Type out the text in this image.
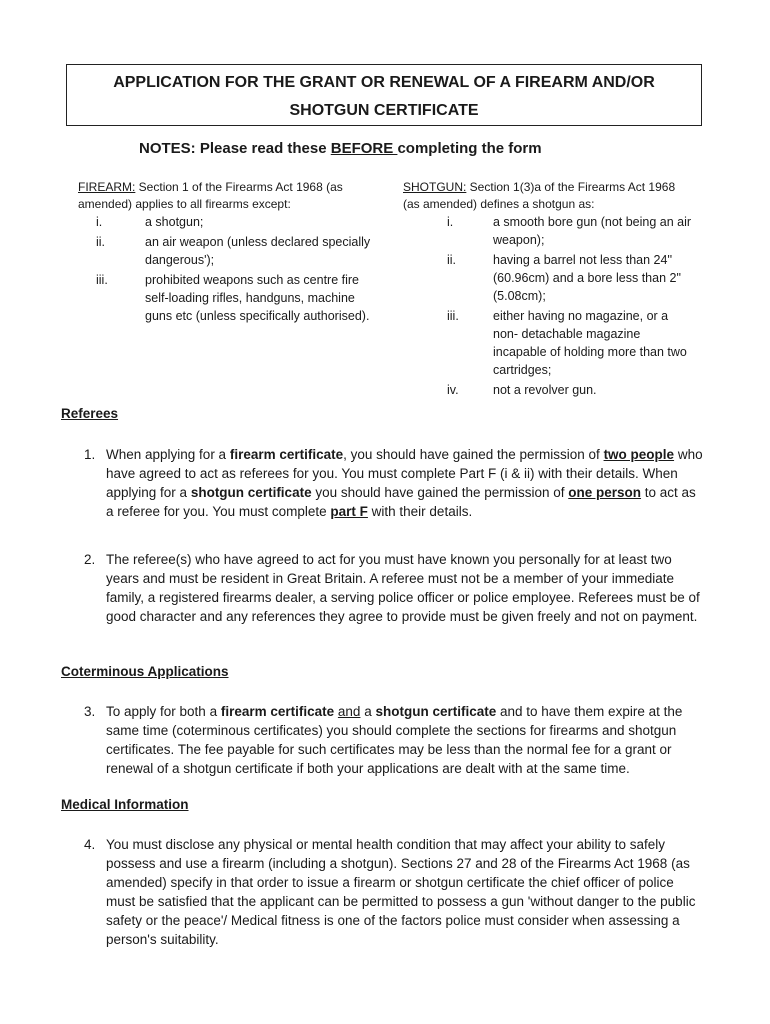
APPLICATION FOR THE GRANT OR RENEWAL OF A FIREARM AND/OR
SHOTGUN CERTIFICATE
NOTES: Please read these BEFORE completing the form

FIREARM: Section 1 of the Firearms Act 1968 (as amended) applies to all firearms except:

i.	a shotgun;
ii.	an air weapon (unless declared specially dangerous');
iii.	prohibited weapons such as centre fire self-loading rifles, handguns, machine guns etc (unless specifically authorised).

SHOTGUN: Section 1(3)a of the Firearms Act 1968 (as amended) defines a shotgun as:

i.	a smooth bore gun (not being an air weapon);
ii.	having a barrel not less than 24'' (60.96cm) and a bore less than 2" (5.08cm);
iii.	either having no magazine, or a non- detachable magazine incapable of holding more than two cartridges;
iv.	not a revolver gun.
Referees
1. When applying for a firearm certificate, you should have gained the permission of two people who have agreed to act as referees for you. You must complete Part F (i & ii) with their details. When applying for a shotgun certificate you should have gained the permission of one person to act as a referee for you. You must complete part F with their details.
2. The referee(s) who have agreed to act for you must have known you personally for at least two years and must be resident in Great Britain. A referee must not be a member of your immediate family, a registered firearms dealer, a serving police officer or police employee. Referees must be of good character and any references they agree to provide must be given freely and not on payment.
Coterminous Applications
3. To apply for both a firearm certificate and a shotgun certificate and to have them expire at the same time (coterminous certificates) you should complete the sections for firearms and shotgun certificates. The fee payable for such certificates may be less than the normal fee for a grant or renewal of a shotgun certificate if both your applications are dealt with at the same time.
Medical Information
4. You must disclose any physical or mental health condition that may affect your ability to safely possess and use a firearm (including a shotgun). Sections 27 and 28 of the Firearms Act 1968 (as amended) specify in that order to issue a firearm or shotgun certificate the chief officer of police must be satisfied that the applicant can be permitted to possess a gun 'without danger to the public safety or the peace'/ Medical fitness is one of the factors police must consider when assessing a person's suitability.
